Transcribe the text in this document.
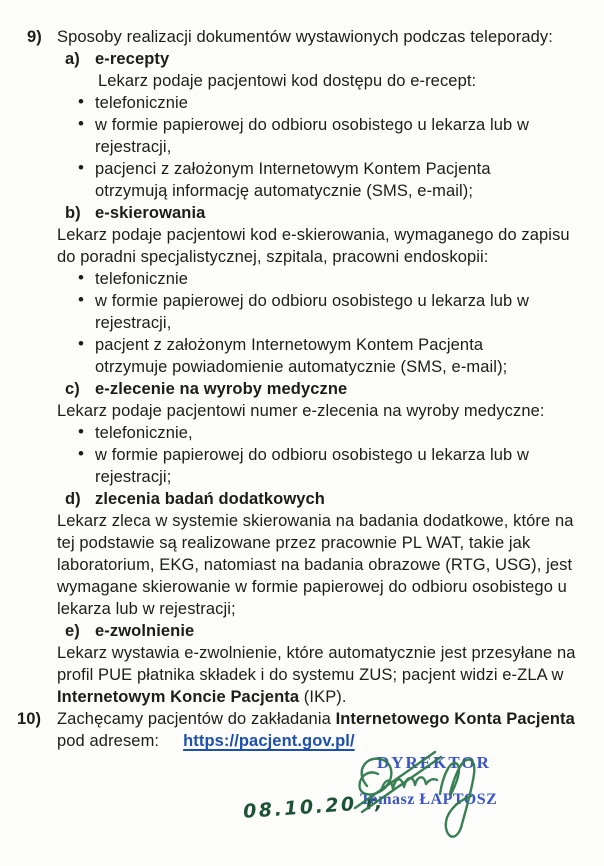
9) Sposoby realizacji dokumentów wystawionych podczas teleporady:
a) e-recepty
Lekarz podaje pacjentowi kod dostępu do e-recept:
• telefonicznie
• w formie papierowej do odbioru osobistego u lekarza lub w rejestracji,
• pacjenci z założonym Internetowym Kontem Pacjenta otrzymują informację automatycznie (SMS, e-mail);
b) e-skierowania
Lekarz podaje pacjentowi kod e-skierowania, wymaganego do zapisu do poradni specjalistycznej, szpitala, pracowni endoskopii:
• telefonicznie
• w formie papierowej do odbioru osobistego u lekarza lub w rejestracji,
• pacjent z założonym Internetowym Kontem Pacjenta otrzymuje powiadomienie automatycznie (SMS, e-mail);
c) e-zlecenie na wyroby medyczne
Lekarz podaje pacjentowi numer e-zlecenia na wyroby medyczne:
• telefonicznie,
• w formie papierowej do odbioru osobistego u lekarza lub w rejestracji;
d) zlecenia badań dodatkowych
Lekarz zleca w systemie skierowania na badania dodatkowe, które na tej podstawie są realizowane przez pracownie PL WAT, takie jak laboratorium, EKG, natomiast na badania obrazowe (RTG, USG), jest wymagane skierowanie w formie papierowej do odbioru osobistego u lekarza lub w rejestracji;
e) e-zwolnienie
Lekarz wystawia e-zwolnienie, które automatycznie jest przesyłane na profil PUE płatnika składek i do systemu ZUS; pacjent widzi e-ZLA w Internetowym Koncie Pacjenta (IKP).
10) Zachęcamy pacjentów do zakładania Internetowego Konta Pacjenta
pod adresem: https://pacjent.gov.pl/
08.10.20 r,
DYREKTOR
Tomasz ŁAPTOSZ
